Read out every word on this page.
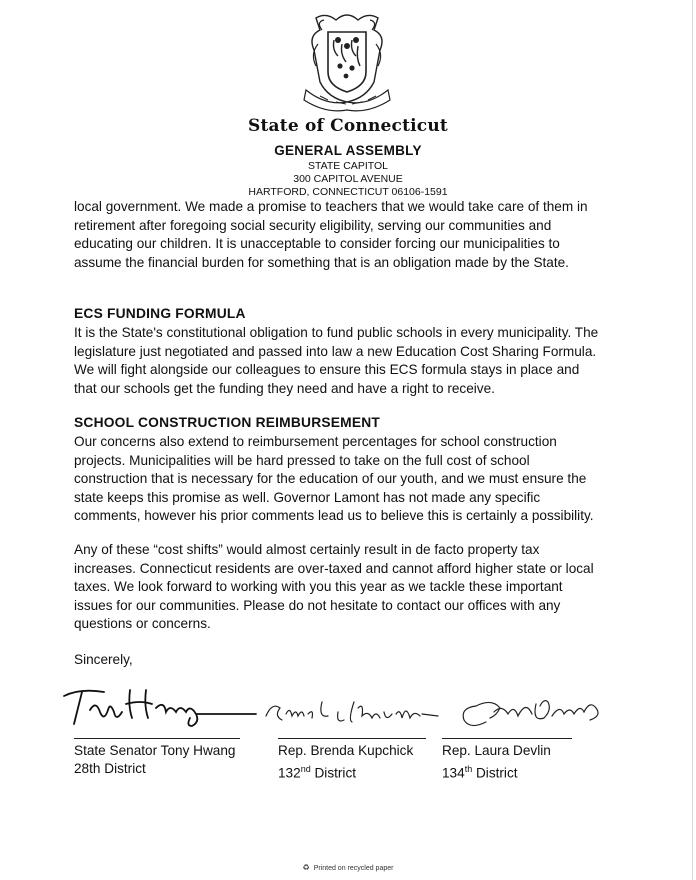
State of Connecticut
GENERAL ASSEMBLY
STATE CAPITOL
300 CAPITOL AVENUE
HARTFORD, CONNECTICUT 06106-1591

local government. We made a promise to teachers that we would take care of them in

retirement after foregoing social security eligibility, serving our communities and

educating our children. It is unacceptable to consider forcing our municipalities to

assume the financial burden for something that is an obligation made by the State.

ECS FUNDING FORMULA

It is the State's constitutional obligation to fund public schools in every municipality. The

legislature just negotiated and passed into law a new Education Cost Sharing Formula.

We will fight alongside our colleagues to ensure this ECS formula stays in place and

that our schools get the funding they need and have a right to receive.

SCHOOL CONSTRUCTION REIMBURSEMENT

Our concerns also extend to reimbursement percentages for school construction

projects. Municipalities will be hard pressed to take on the full cost of school

construction that is necessary for the education of our youth, and we must ensure the

state keeps this promise as well. Governor Lamont has not made any specific

comments, however his prior comments lead us to believe this is certainly a possibility.

Any of these “cost shifts” would almost certainly result in de facto property tax

increases. Connecticut residents are over-taxed and cannot afford higher state or local

taxes. We look forward to working with you this year as we tackle these important

issues for our communities. Please do not hesitate to contact our offices with any

questions or concerns.

Sincerely,

State Senator Tony Hwang
28th District
Rep. Brenda Kupchick
132nd District
Rep. Laura Devlin
134th District
♻ Printed on recycled paper
